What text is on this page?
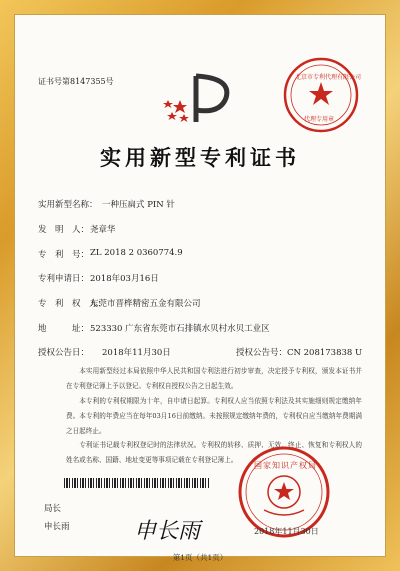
证书号第8147355号	北京市专利代理有限公司
代理专用章
实用新型专利证书
实用新型名称： 一种压扁式 PIN 针
发　明　人： 尧章华
专　利　号： ZL 2018 2 0360774.9
专利申请日： 2018年03月16日
专　利　权　人：
东莞市晋桦精密五金有限公司
地　　　址： 523330 广东省东莞市石排镇水贝村水贝工业区
授权公告日： 2018年11月30日	授权公告号：CN 208173838 U
本实用新型经过本局依照中华人民共和国专利法进行初步审查，决定授予专利权，颁发本证书并在专利登记簿上予以登记。专利权自授权公告之日起生效。
本专利的专利权期限为十年，自申请日起算。专利权人应当依照专利法及其实施细则规定缴纳年费。本专利的年费应当在每年03月16日前缴纳。未按照规定缴纳年费的，专利权自应当缴纳年费期满之日起终止。
专利证书记载专利权登记时的法律状况。专利权的转移、质押、无效、终止、恢复和专利权人的姓名或名称、国籍、地址变更等事项记载在专利登记簿上。
局长
申长雨	申长雨
国家知识产权局
2018年11月30日
第1页（共1页）
